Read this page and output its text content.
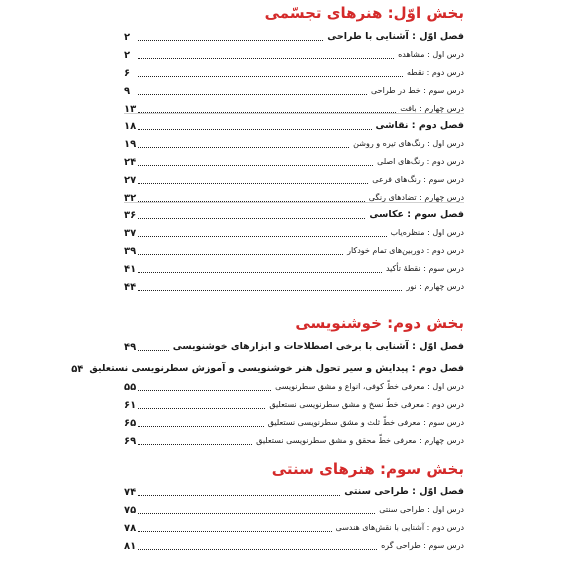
بخش اوّل: هنرهای تجسّمی
فصل اوّل : آشنایی با طراحی
۲
درس اول : مشاهده
۲
درس دوم : نقطه
۶
درس سوم : خط در طراحی
۹
درس چهارم : بافت
۱۳
فصل دوم : نقاشی
۱۸
درس اول : رنگ‌های تیره و روشن
۱۹
درس دوم : رنگ‌های اصلی
۲۴
درس سوم : رنگ‌های فرعی
۲۷
درس چهارم : تضادهای رنگی
۳۲
فصل سوم : عکاسی
۳۶
درس اول : منظره‌یاب
۳۷
درس دوم : دوربین‌های تمام خودکار
۳۹
درس سوم : نقطهٔ تأکید
۴۱
درس چهارم : نور
۴۴
بخش دوم: خوشنویسی
فصل اوّل : آشنایی با برخی اصطلاحات و ابزارهای خوشنویسی
۴۹
فصل دوم : پیدایش و سیر تحول هنر خوشنویسی و آموزش سطرنویسی نستعلیق
۵۴
درس اول : معرفی خطّ کوفی، انواع و مشق سطرنویسی
۵۵
درس دوم : معرفی خطّ نسخ و مشق سطرنویسی نستعلیق
۶۱
درس سوم : معرفی خطّ ثلث و مشق سطرنویسی نستعلیق
۶۵
درس چهارم : معرفی خطّ محقق و مشق سطرنویسی نستعلیق
۶۹
بخش سوم: هنرهای سنتی
فصل اوّل : طراحی سنتی
۷۴
درس اول : طراحی سنتی
۷۵
درس دوم : آشنایی با نقش‌های هندسی
۷۸
درس سوم : طراحی گره
۸۱
